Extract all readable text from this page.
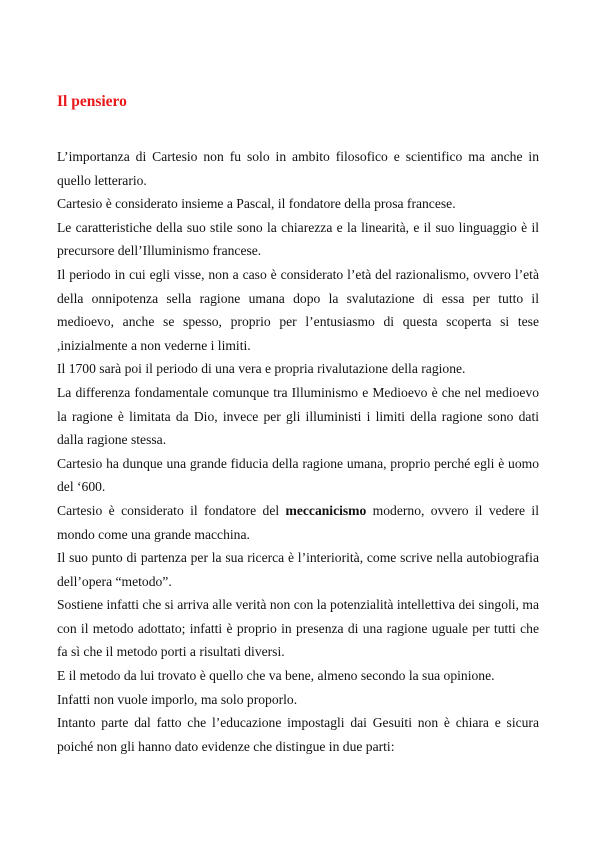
Il pensiero

L’importanza di Cartesio non fu solo in ambito filosofico e scientifico ma anche in quello letterario.

Cartesio è considerato insieme a Pascal, il fondatore della prosa francese.

Le caratteristiche della suo stile sono la chiarezza e la linearità, e il suo linguaggio è il precursore dell’Illuminismo francese.

Il periodo in cui egli visse, non a caso è considerato l’età del razionalismo, ovvero l’età della onnipotenza sella ragione umana dopo la svalutazione di essa per tutto il medioevo, anche se spesso, proprio per l’entusiasmo di questa scoperta si tese ,inizialmente a non vederne i limiti.

Il 1700 sarà poi il periodo di una vera e propria rivalutazione della ragione.

La differenza fondamentale comunque tra Illuminismo e Medioevo è che nel medioevo la ragione è limitata da Dio, invece per gli illuministi i limiti della ragione sono dati dalla ragione stessa.

Cartesio ha dunque una grande fiducia della ragione umana, proprio perché egli è uomo del ‘600.

Cartesio è considerato il fondatore del meccanicismo moderno, ovvero il vedere il mondo come una grande macchina.

Il suo punto di partenza per la sua ricerca è l’interiorità, come scrive nella autobiografia dell’opera “metodo”.

Sostiene infatti che si arriva alle verità non con la potenzialità intellettiva dei singoli, ma con il metodo adottato; infatti è proprio in presenza di una ragione uguale per tutti che fa sì che il metodo porti a risultati diversi.

E il metodo da lui trovato è quello che va bene, almeno secondo la sua opinione.

Infatti non vuole imporlo, ma solo proporlo.

Intanto parte dal fatto che l’educazione impostagli dai Gesuiti non è chiara e sicura poiché non gli hanno dato evidenze che distingue in due parti:
